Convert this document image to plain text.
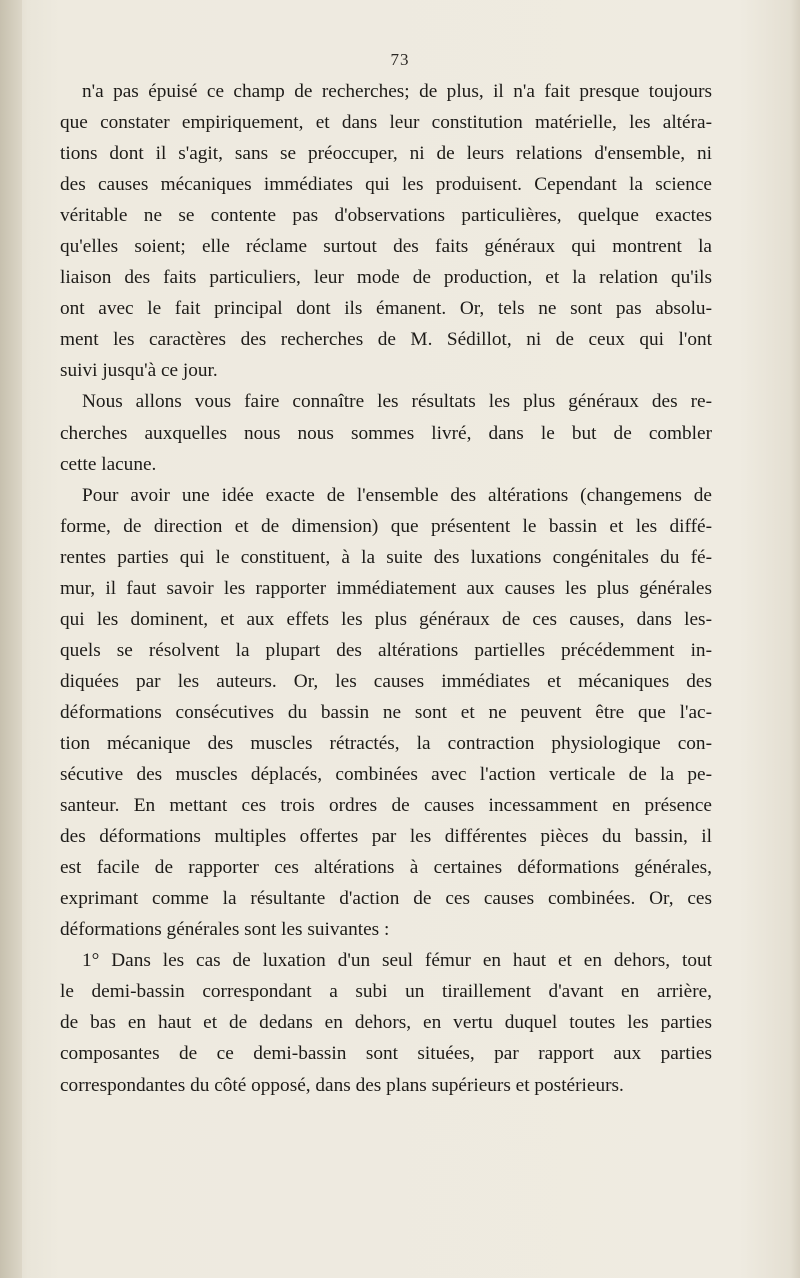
73
n'a pas épuisé ce champ de recherches; de plus, il n'a fait presque toujours
que constater empiriquement, et dans leur constitution matérielle, les altéra-
tions dont il s'agit, sans se préoccuper, ni de leurs relations d'ensemble, ni
des causes mécaniques immédiates qui les produisent. Cependant la science
véritable ne se contente pas d'observations particulières, quelque exactes
qu'elles soient; elle réclame surtout des faits généraux qui montrent la
liaison des faits particuliers, leur mode de production, et la relation qu'ils
ont avec le fait principal dont ils émanent. Or, tels ne sont pas absolu-
ment les caractères des recherches de M. Sédillot, ni de ceux qui l'ont
suivi jusqu'à ce jour.
Nous allons vous faire connaître les résultats les plus généraux des re-
cherches auxquelles nous nous sommes livré, dans le but de combler
cette lacune.
Pour avoir une idée exacte de l'ensemble des altérations (changemens de
forme, de direction et de dimension) que présentent le bassin et les diffé-
rentes parties qui le constituent, à la suite des luxations congénitales du fé-
mur, il faut savoir les rapporter immédiatement aux causes les plus générales
qui les dominent, et aux effets les plus généraux de ces causes, dans les-
quels se résolvent la plupart des altérations partielles précédemment in-
diquées par les auteurs. Or, les causes immédiates et mécaniques des
déformations consécutives du bassin ne sont et ne peuvent être que l'ac-
tion mécanique des muscles rétractés, la contraction physiologique con-
sécutive des muscles déplacés, combinées avec l'action verticale de la pe-
santeur. En mettant ces trois ordres de causes incessamment en présence
des déformations multiples offertes par les différentes pièces du bassin, il
est facile de rapporter ces altérations à certaines déformations générales,
exprimant comme la résultante d'action de ces causes combinées. Or, ces
déformations générales sont les suivantes :
1° Dans les cas de luxation d'un seul fémur en haut et en dehors, tout
le demi-bassin correspondant a subi un tiraillement d'avant en arrière,
de bas en haut et de dedans en dehors, en vertu duquel toutes les parties
composantes de ce demi-bassin sont situées, par rapport aux parties
correspondantes du côté opposé, dans des plans supérieurs et postérieurs.
